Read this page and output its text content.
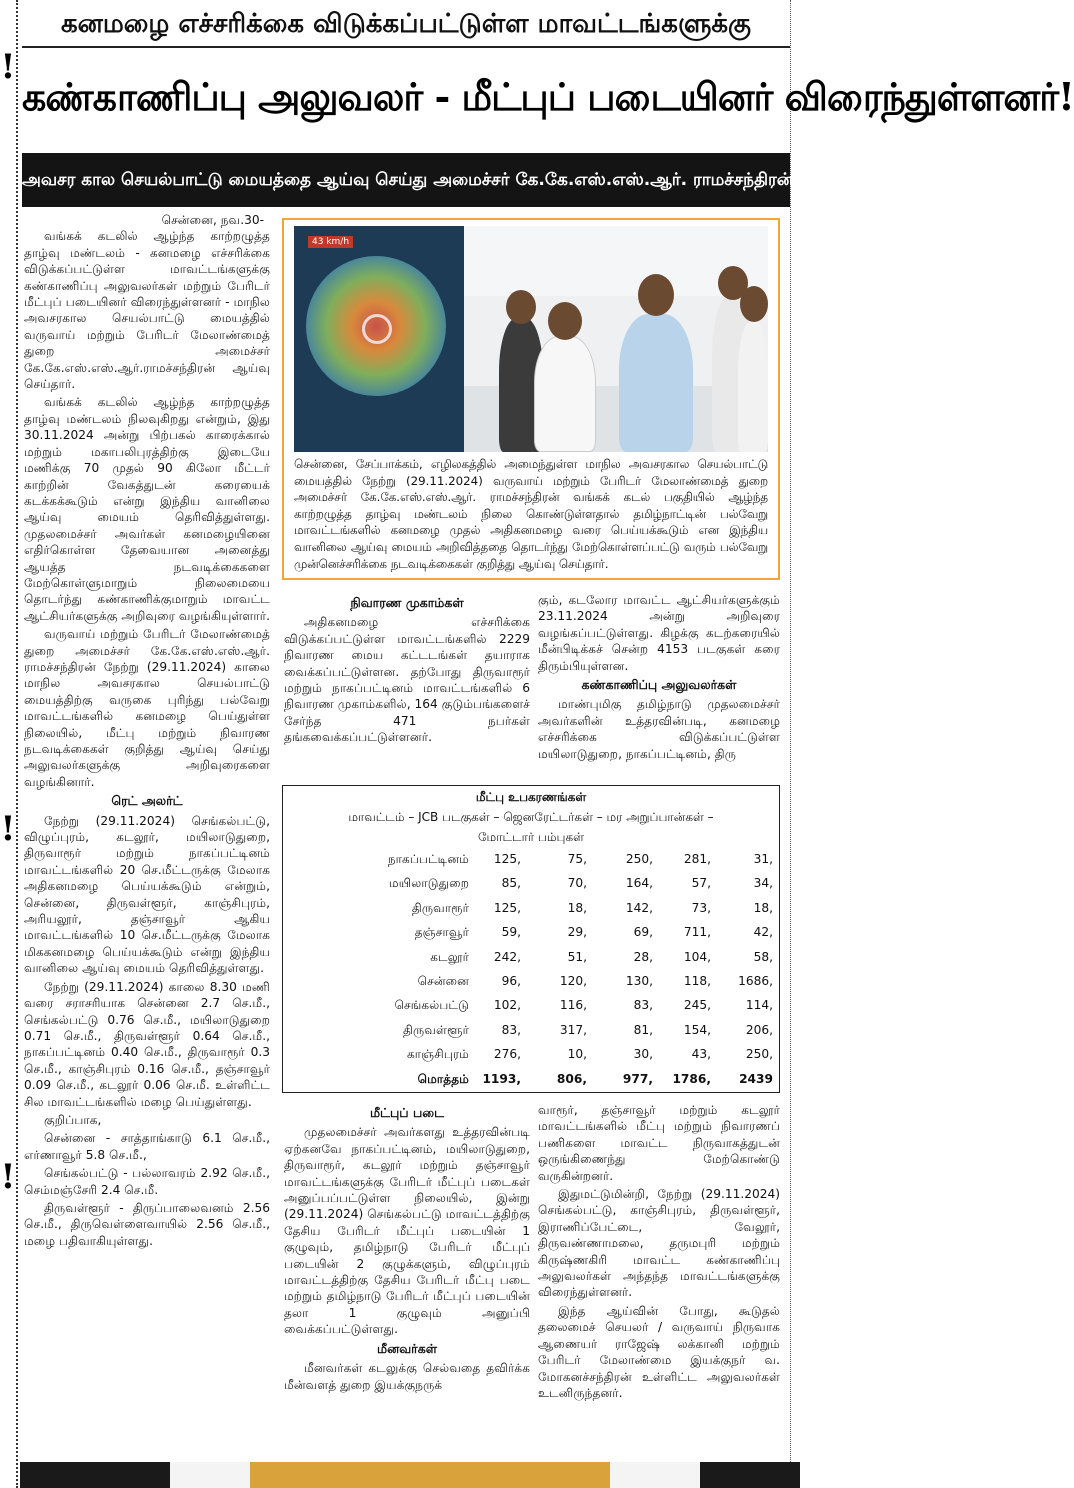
!
!
!
கனமழை எச்சரிக்கை விடுக்கப்பட்டுள்ள மாவட்டங்களுக்கு
கண்காணிப்பு அலுவலர் - மீட்புப் படையினர் விரைந்துள்ளனர்!
அவசர கால செயல்பாட்டு மையத்தை ஆய்வு செய்து அமைச்சர் கே.கே.எஸ்.எஸ்.ஆர். ராமச்சந்திரன் அறிவுரை!
சென்னை, நவ.30-

வங்கக் கடலில் ஆழ்ந்த காற்றழுத்த தாழ்வு மண்டலம் - கனமழை எச்சரிக்கை விடுக்கப்பட்டுள்ள மாவட்டங்களுக்கு கண்காணிப்பு அலுவலர்கள் மற்றும் பேரிடர் மீட்புப் படையினர் விரைந்துள்ளனர் - மாநில அவசரகால செயல்பாட்டு மையத்தில் வருவாய் மற்றும் பேரிடர் மேலாண்மைத் துறை அமைச்சர் கே.கே.எஸ்.எஸ்.ஆர்.ராமச்சந்திரன் ஆய்வு செய்தார்.

வங்கக் கடலில் ஆழ்ந்த காற்றழுத்த தாழ்வு மண்டலம் நிலவுகிறது என்றும், இது 30.11.2024 அன்று பிற்பகல் காரைக்கால் மற்றும் மகாபலிபுரத்திற்கு இடையே மணிக்கு 70 முதல் 90 கிலோ மீட்டர் காற்றின் வேகத்துடன் கரையைக் கடக்கக்கூடும் என்று இந்திய வானிலை ஆய்வு மையம் தெரிவித்துள்ளது. முதலமைச்சர் அவர்கள் கனமழையினை எதிர்கொள்ள தேவையான அனைத்து ஆயத்த நடவடிக்கைகளை மேற்கொள்ளுமாறும் நிலைமையை தொடர்ந்து கண்காணிக்குமாறும் மாவட்ட ஆட்சியர்களுக்கு அறிவுரை வழங்கியுள்ளார்.

வருவாய் மற்றும் பேரிடர் மேலாண்மைத் துறை அமைச்சர் கே.கே.எஸ்.எஸ்.ஆர். ராமச்சந்திரன் நேற்று (29.11.2024) காலை மாநில அவசரகால செயல்பாட்டு மையத்திற்கு வருகை புரிந்து பல்வேறு மாவட்டங்களில் கனமழை பெய்துள்ள நிலையில், மீட்பு மற்றும் நிவாரண நடவடிக்கைகள் குறித்து ஆய்வு செய்து அலுவலர்களுக்கு அறிவுரைகளை வழங்கினார்.

ரெட் அலர்ட்

நேற்று (29.11.2024) செங்கல்பட்டு, விழுப்புரம், கடலூர், மயிலாடுதுறை, திருவாரூர் மற்றும் நாகப்பட்டினம் மாவட்டங்களில் 20 செ.மீட்டருக்கு மேலாக அதிகனமழை பெய்யக்கூடும் என்றும், சென்னை, திருவள்ளூர், காஞ்சிபுரம், அரியலூர், தஞ்சாவூர் ஆகிய மாவட்டங்களில் 10 செ.மீட்டருக்கு மேலாக மிககனமழை பெய்யக்கூடும் என்று இந்திய வானிலை ஆய்வு மையம் தெரிவித்துள்ளது.

நேற்று (29.11.2024) காலை 8.30 மணி வரை சராசரியாக சென்னை 2.7 செ.மீ., செங்கல்பட்டு 0.76 செ.மீ., மயிலாடுதுறை 0.71 செ.மீ., திருவள்ளூர் 0.64 செ.மீ., நாகப்பட்டினம் 0.40 செ.மீ., திருவாரூர் 0.3 செ.மீ., காஞ்சிபுரம் 0.16 செ.மீ., தஞ்சாவூர் 0.09 செ.மீ., கடலூர் 0.06 செ.மீ. உள்ளிட்ட சில மாவட்டங்களில் மழை பெய்துள்ளது.

குறிப்பாக,

சென்னை - சாத்தாங்காடு 6.1 செ.மீ., எர்ணாவூர் 5.8 செ.மீ.,

செங்கல்பட்டு - பல்லாவரம் 2.92 செ.மீ., செம்மஞ்சேரி 2.4 செ.மீ.

திருவள்ளூர் - திருப்பாலைவனம் 2.56 செ.மீ., திருவெள்ளைவாயில் 2.56 செ.மீ., மழை பதிவாகியுள்ளது.

43 km/h
சென்னை, சேப்பாக்கம், எழிலகத்தில் அமைந்துள்ள மாநில அவசரகால செயல்பாட்டு மையத்தில் நேற்று (29.11.2024) வருவாய் மற்றும் பேரிடர் மேலாண்மைத் துறை அமைச்சர் கே.கே.எஸ்.எஸ்.ஆர். ராமச்சந்திரன் வங்கக் கடல் பகுதியில் ஆழ்ந்த காற்றழுத்த தாழ்வு மண்டலம் நிலை கொண்டுள்ளதால் தமிழ்நாட்டின் பல்வேறு மாவட்டங்களில் கனமழை முதல் அதிகனமழை வரை பெய்யக்கூடும் என இந்திய வானிலை ஆய்வு மையம் அறிவித்ததை தொடர்ந்து மேற்கொள்ளப்பட்டு வரும் பல்வேறு முன்னெச்சரிக்கை நடவடிக்கைகள் குறித்து ஆய்வு செய்தார்.
நிவாரண முகாம்கள்

அதிகனமழை எச்சரிக்கை விடுக்கப்பட்டுள்ள மாவட்டங்களில் 2229 நிவாரண மைய கட்டடங்கள் தயாராக வைக்கப்பட்டுள்ளன. தற்போது திருவாரூர் மற்றும் நாகப்பட்டினம் மாவட்டங்களில் 6 நிவாரண முகாம்களில், 164 குடும்பங்களைச் சேர்ந்த 471 நபர்கள் தங்கவைக்கப்பட்டுள்ளனர்.

கும், கடலோர மாவட்ட ஆட்சியர்களுக்கும் 23.11.2024 அன்று அறிவுரை வழங்கப்பட்டுள்ளது. கிழக்கு கடற்கரையில் மீன்பிடிக்கச் சென்ற 4153 படகுகள் கரை திரும்பியுள்ளன.

கண்காணிப்பு அலுவலர்கள்

மாண்புமிகு தமிழ்நாடு முதலமைச்சர் அவர்களின் உத்தரவின்படி, கனமழை எச்சரிக்கை விடுக்கப்பட்டுள்ள மயிலாடுதுறை, நாகப்பட்டினம், திரு

மீட்பு உபகரணங்கள்
மாவட்டம் – JCB படகுகள் – ஜெனரேட்டர்கள் – மர அறுப்பான்கள் –
மோட்டார் பம்புகள்
நாகப்பட்டினம்	125,	75,	250,	281,	31,
மயிலாடுதுறை	85,	70,	164,	57,	34,
திருவாரூர்	125,	18,	142,	73,	18,
தஞ்சாவூர்	59,	29,	69,	711,	42,
கடலூர்	242,	51,	28,	104,	58,
சென்னை	96,	120,	130,	118,	1686,
செங்கல்பட்டு	102,	116,	83,	245,	114,
திருவள்ளூர்	83,	317,	81,	154,	206,
காஞ்சிபுரம்	276,	10,	30,	43,	250,
மொத்தம்	1193,	806,	977,	1786,	2439
மீட்புப் படை

முதலமைச்சர் அவர்களது உத்தரவின்படி ஏற்கனவே நாகப்பட்டினம், மயிலாடுதுறை, திருவாரூர், கடலூர் மற்றும் தஞ்சாவூர் மாவட்டங்களுக்கு பேரிடர் மீட்புப் படைகள் அனுப்பப்பட்டுள்ள நிலையில், இன்று (29.11.2024) செங்கல்பட்டு மாவட்டத்திற்கு தேசிய பேரிடர் மீட்புப் படையின் 1 குழுவும், தமிழ்நாடு பேரிடர் மீட்புப் படையின் 2 குழுக்களும், விழுப்புரம் மாவட்டத்திற்கு தேசிய பேரிடர் மீட்பு படை மற்றும் தமிழ்நாடு பேரிடர் மீட்புப் படையின் தலா 1 குழுவும் அனுப்பி வைக்கப்பட்டுள்ளது.

மீனவர்கள்

மீனவர்கள் கடலுக்கு செல்வதை தவிர்க்க மீன்வளத் துறை இயக்குநருக்

வாரூர், தஞ்சாவூர் மற்றும் கடலூர் மாவட்டங்களில் மீட்பு மற்றும் நிவாரணப் பணிகளை மாவட்ட நிருவாகத்துடன் ஒருங்கிணைந்து மேற்கொண்டு வருகின்றனர்.

இதுமட்டுமின்றி, நேற்று (29.11.2024) செங்கல்பட்டு, காஞ்சிபுரம், திருவள்ளூர், இராணிப்பேட்டை, வேலூர், திருவண்ணாமலை, தருமபுரி மற்றும் கிருஷ்ணகிரி மாவட்ட கண்காணிப்பு அலுவலர்கள் அந்தந்த மாவட்டங்களுக்கு விரைந்துள்ளனர்.

இந்த ஆய்வின் போது, கூடுதல் தலைமைச் செயலர் / வருவாய் நிருவாக ஆணையர் ராஜேஷ் லக்கானி மற்றும் பேரிடர் மேலாண்மை இயக்குநர் வ. மோகனச்சந்திரன் உள்ளிட்ட அலுவலர்கள் உடனிருந்தனர்.
